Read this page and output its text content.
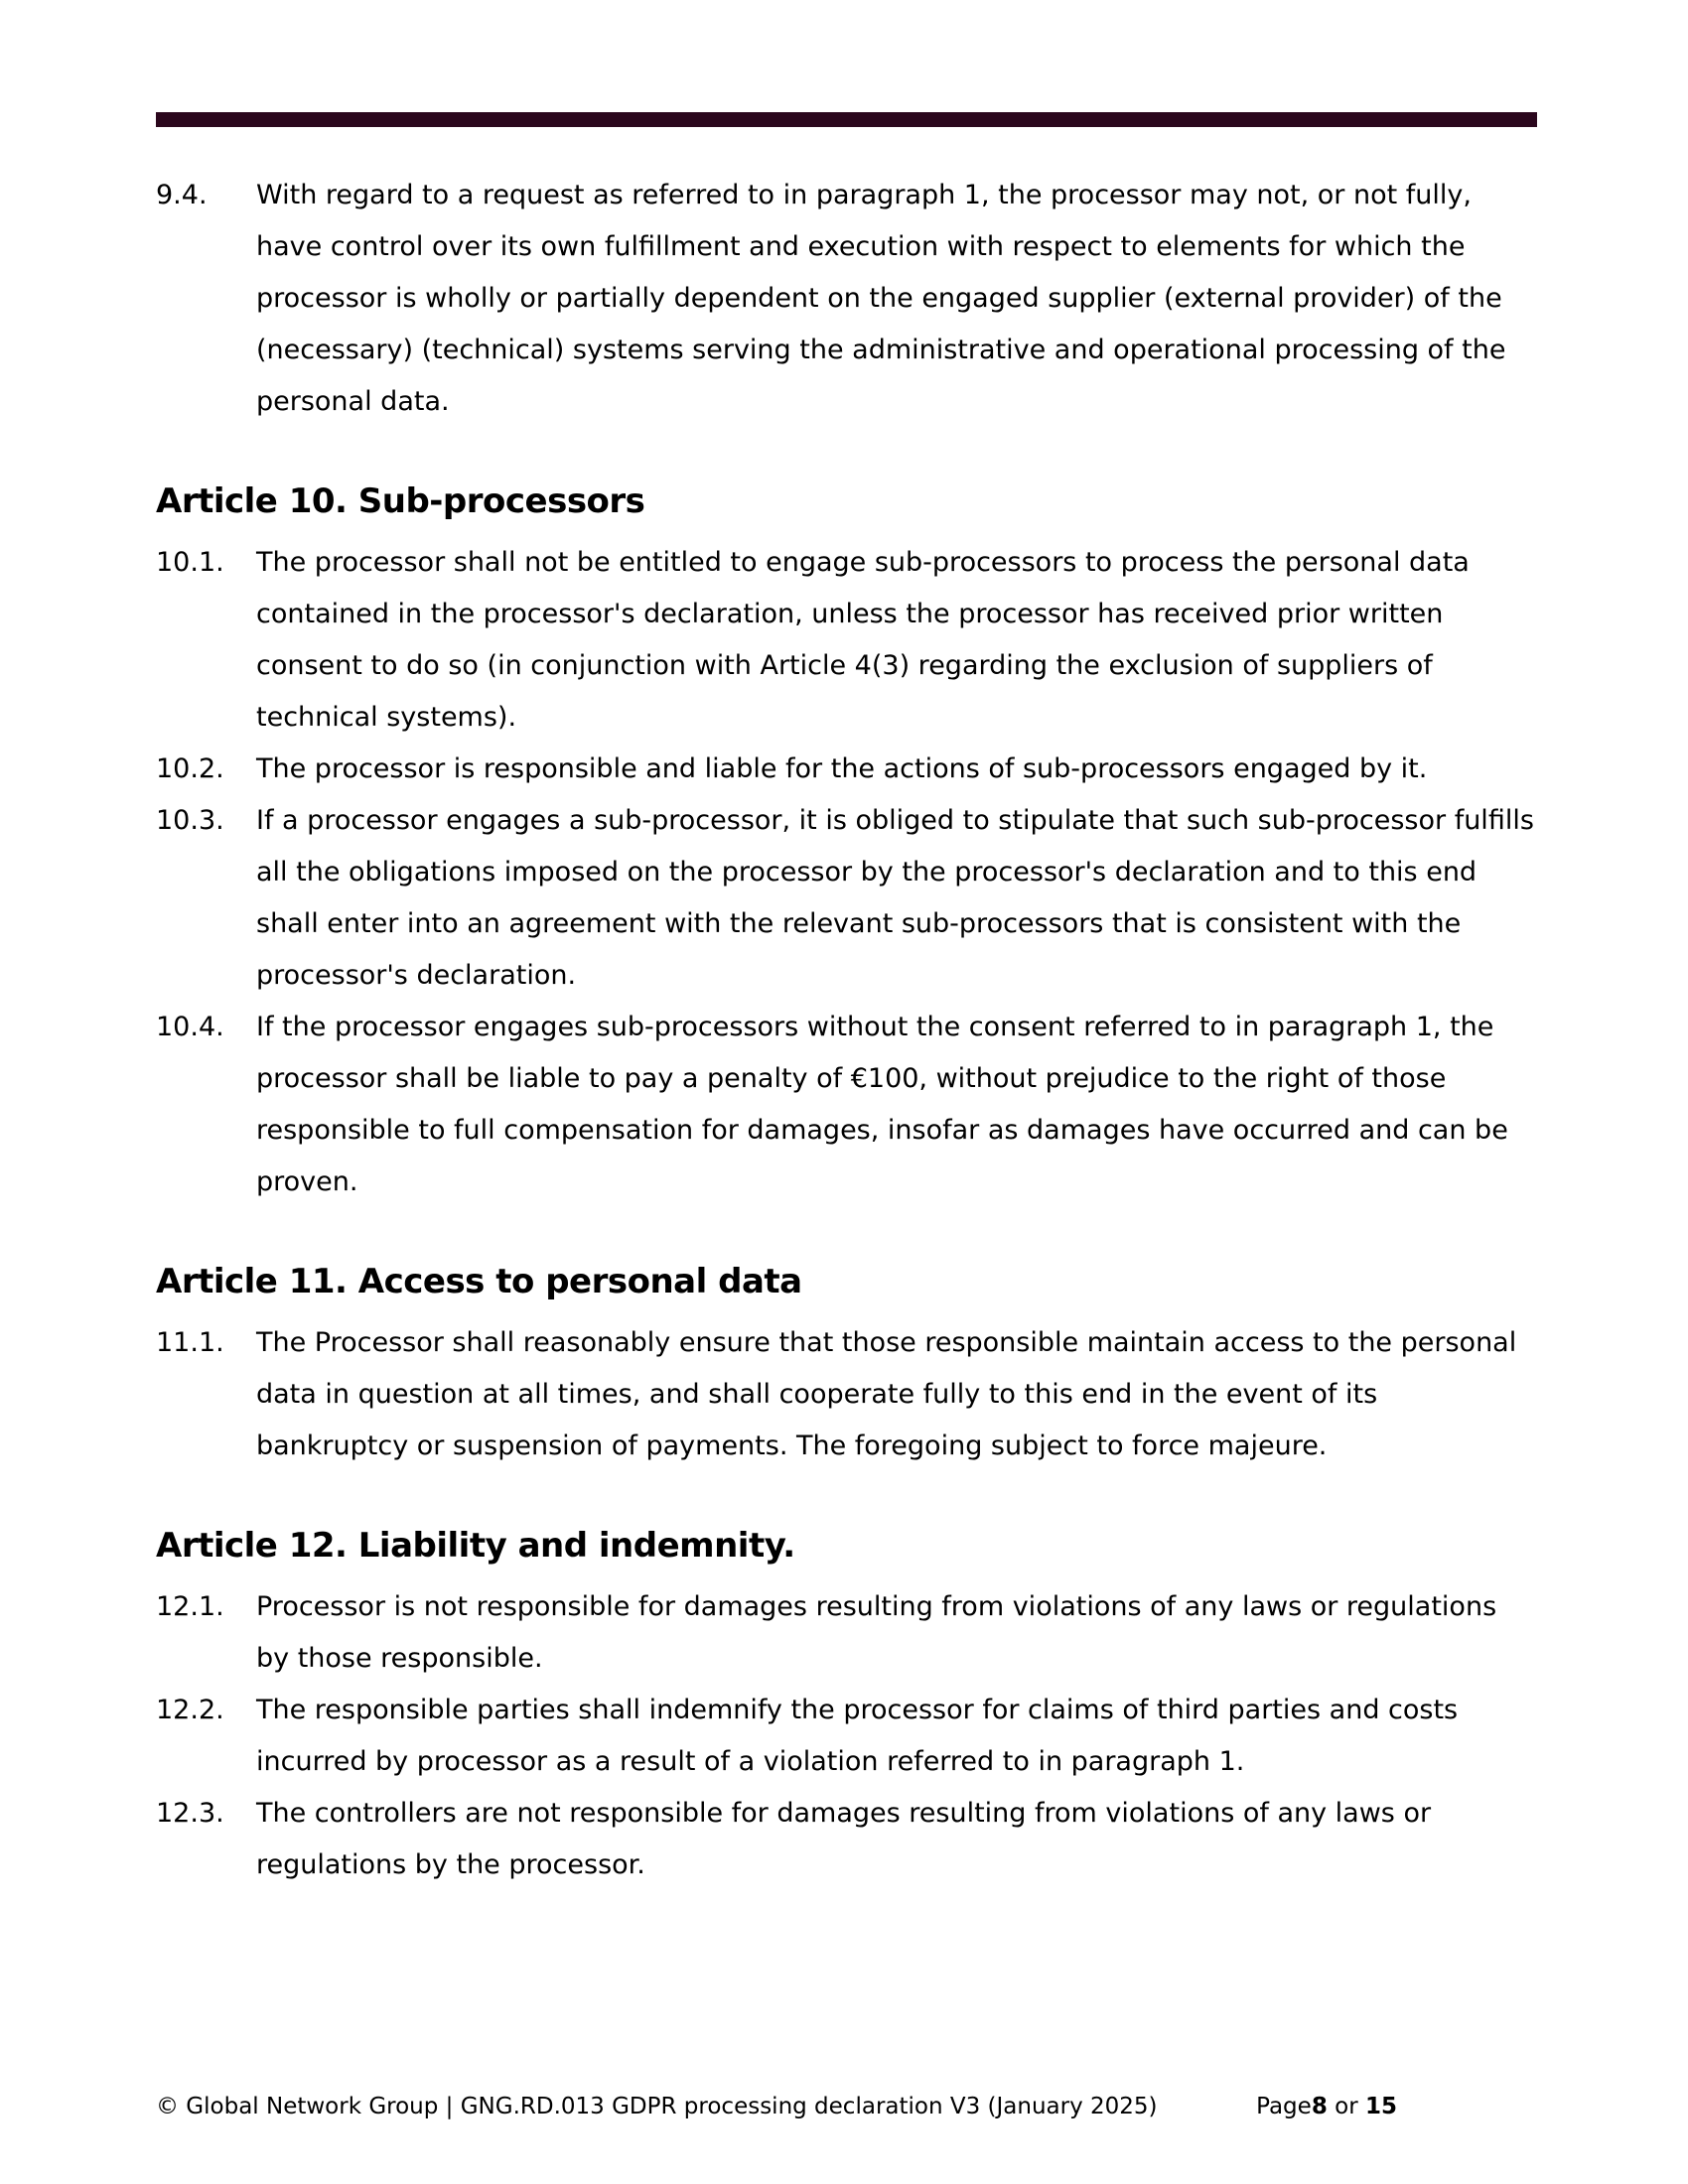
9.4.	With regard to a request as referred to in paragraph 1, the processor may not, or not fully, have control over its own fulfillment and execution with respect to elements for which the processor is wholly or partially dependent on the engaged supplier (external provider) of the (necessary) (technical) systems serving the administrative and operational processing of the personal data.

Article 10. Sub-processors
10.1.	The processor shall not be entitled to engage sub-processors to process the personal data contained in the processor's declaration, unless the processor has received prior written consent to do so (in conjunction with Article 4(3) regarding the exclusion of suppliers of technical systems).

10.2.	The processor is responsible and liable for the actions of sub-processors engaged by it.

10.3.	If a processor engages a sub-processor, it is obliged to stipulate that such sub-processor fulfills all the obligations imposed on the processor by the processor's declaration and to this end shall enter into an agreement with the relevant sub-processors that is consistent with the processor's declaration.

10.4.	If the processor engages sub-processors without the consent referred to in paragraph 1, the processor shall be liable to pay a penalty of €100, without prejudice to the right of those responsible to full compensation for damages, insofar as damages have occurred and can be proven.

Article 11. Access to personal data
11.1.	The Processor shall reasonably ensure that those responsible maintain access to the personal data in question at all times, and shall cooperate fully to this end in the event of its bankruptcy or suspension of payments. The foregoing subject to force majeure.

Article 12. Liability and indemnity.
12.1.	Processor is not responsible for damages resulting from violations of any laws or regulations by those responsible.

12.2.	The responsible parties shall indemnify the processor for claims of third parties and costs incurred by processor as a result of a violation referred to in paragraph 1.

12.3.	The controllers are not responsible for damages resulting from violations of any laws or regulations by the processor.

© Global Network Group | GNG.RD.013 GDPR processing declaration V3 (January 2025)	Page8 or 15
